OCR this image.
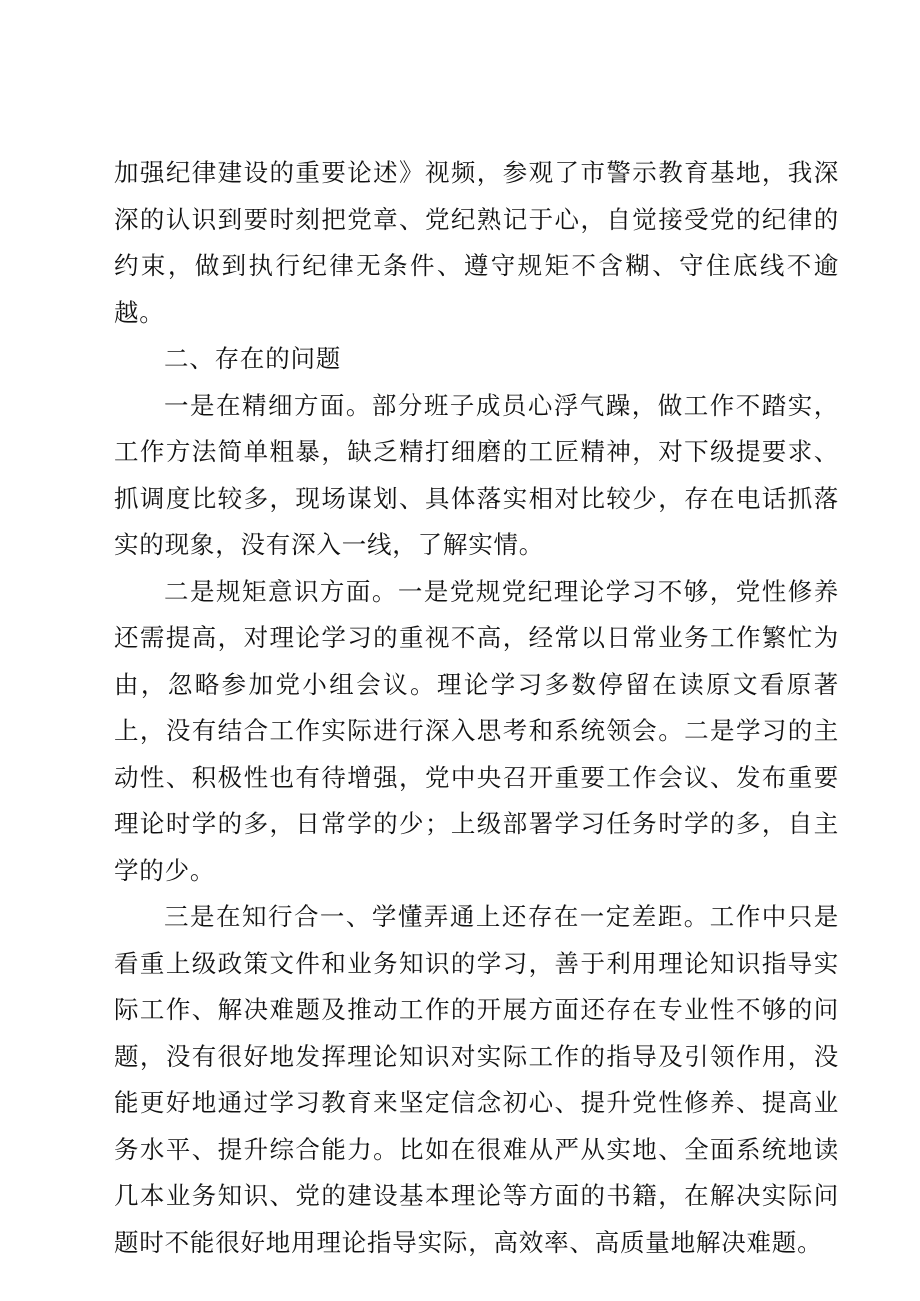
加强纪律建设的重要论述》视频，参观了市警示教育基地，我深深的认识到要时刻把党章、党纪熟记于心，自觉接受党的纪律的约束，做到执行纪律无条件、遵守规矩不含糊、守住底线不逾越。

二、存在的问题

一是在精细方面。部分班子成员心浮气躁，做工作不踏实，工作方法简单粗暴，缺乏精打细磨的工匠精神，对下级提要求、抓调度比较多，现场谋划、具体落实相对比较少，存在电话抓落实的现象，没有深入一线，了解实情。

二是规矩意识方面。一是党规党纪理论学习不够，党性修养还需提高，对理论学习的重视不高，经常以日常业务工作繁忙为由，忽略参加党小组会议。理论学习多数停留在读原文看原著上，没有结合工作实际进行深入思考和系统领会。二是学习的主动性、积极性也有待增强，党中央召开重要工作会议、发布重要理论时学的多，日常学的少；上级部署学习任务时学的多，自主学的少。

三是在知行合一、学懂弄通上还存在一定差距。工作中只是看重上级政策文件和业务知识的学习，善于利用理论知识指导实际工作、解决难题及推动工作的开展方面还存在专业性不够的问题，没有很好地发挥理论知识对实际工作的指导及引领作用，没能更好地通过学习教育来坚定信念初心、提升党性修养、提高业务水平、提升综合能力。比如在很难从严从实地、全面系统地读几本业务知识、党的建设基本理论等方面的书籍，在解决实际问题时不能很好地用理论指导实际，高效率、高质量地解决难题。
